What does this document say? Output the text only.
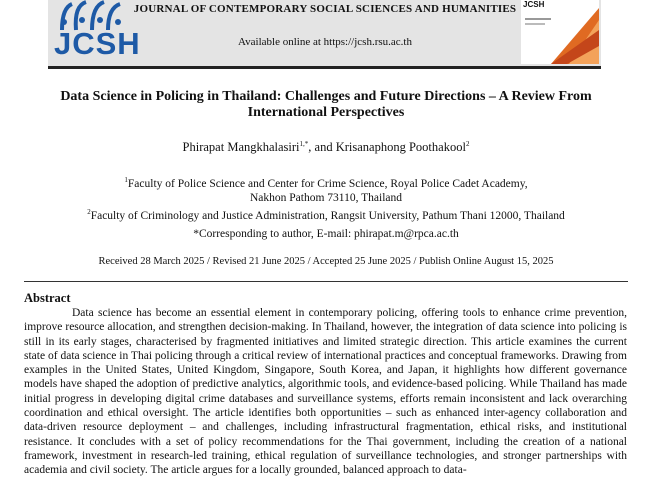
JCSH
JOURNAL OF CONTEMPORARY SOCIAL SCIENCES AND HUMANITIES
Available online at https://jcsh.rsu.ac.th
JCSH
Data Science in Policing in Thailand: Challenges and Future Directions – A Review From International Perspectives
Phirapat Mangkhalasiri$^{1,*}$, and Krisanaphong Poothakool$^2$
$^1$Faculty of Police Science and Center for Crime Science, Royal Police Cadet Academy,
Nakhon Pathom 73110, Thailand
$^2$Faculty of Criminology and Justice Administration, Rangsit University, Pathum Thani 12000, Thailand
*Corresponding to author, E-mail: phirapat.m@rpca.ac.th
Received 28 March 2025 / Revised 21 June 2025 / Accepted 25 June 2025 / Publish Online August 15, 2025
Abstract

Data science has become an essential element in contemporary policing, offering tools to enhance crime prevention, improve resource allocation, and strengthen decision-making. In Thailand, however, the integration of data science into policing is still in its early stages, characterised by fragmented initiatives and limited strategic direction. This article examines the current state of data science in Thai policing through a critical review of international practices and conceptual frameworks. Drawing from examples in the United States, United Kingdom, Singapore, South Korea, and Japan, it highlights how different governance models have shaped the adoption of predictive analytics, algorithmic tools, and evidence-based policing. While Thailand has made initial progress in developing digital crime databases and surveillance systems, efforts remain inconsistent and lack overarching coordination and ethical oversight. The article identifies both opportunities – such as enhanced inter-agency collaboration and data-driven resource deployment – and challenges, including infrastructural fragmentation, ethical risks, and institutional resistance. It concludes with a set of policy recommendations for the Thai government, including the creation of a national framework, investment in research-led training, ethical regulation of surveillance technologies, and stronger partnerships with academia and civil society. The article argues for a locally grounded, balanced approach to data-
